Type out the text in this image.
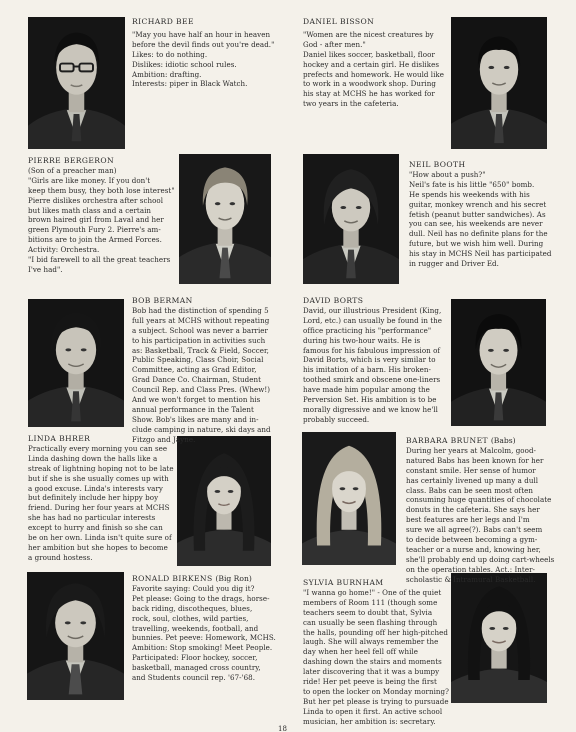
RICHARD BEE

"May you have half an hour in heaven

before the devil finds out you're dead."

Likes: to do nothing.

Dislikes: idiotic school rules.

Ambition: drafting.

Interests: piper in Black Watch.

DANIEL BISSON

"Women are the nicest creatures by

God - after men."

Daniel likes soccer, basketball, floor

hockey and a certain girl. He dislikes

prefects and homework. He would like

to work in a woodwork shop. During

his stay at MCHS he has worked for

two years in the cafeteria.

PIERRE BERGERON

(Son of a preacher man)

"Girls are like money. If you don't

keep them busy, they both lose interest"

Pierre dislikes orchestra after school

but likes math class and a certain

brown haired girl from Laval and her

green Plymouth Fury 2. Pierre's am-

bitions are to join the Armed Forces.

Activity: Orchestra.

"I bid farewell to all the great teachers

I've had".

NEIL BOOTH

"How about a push?"

Neil's fate is his little "650" bomb.

He spends his weekends with his

guitar, monkey wrench and his secret

fetish (peanut butter sandwiches). As

you can see, his weekends are never

dull. Neil has no definite plans for the

future, but we wish him well. During

his stay in MCHS Neil has participated

in rugger and Driver Ed.

BOB BERMAN

Bob had the distinction of spending 5

full years at MCHS without repeating

a subject. School was never a barrier

to his participation in activities such

as: Basketball, Track & Field, Soccer,

Public Speaking, Class Choir, Social

Committee, acting as Grad Editor,

Grad Dance Co. Chairman, Student

Council Rep. and Class Pres. (Whew!)

And we won't forget to mention his

annual performance in the Talent

Show. Bob's likes are many and in-

clude camping in nature, ski days and

Fitzgo and Jayne.

DAVID BORTS

David, our illustrious President (King,

Lord, etc.) can usually be found in the

office practicing his "performance"

during his two-hour waits. He is

famous for his fabulous impression of

David Borts, which is very similar to

his imitation of a barn. His broken-

toothed smirk and obscene one-liners

have made him popular among the

Perversion Set. His ambition is to be

morally digressive and we know he'll

probably succeed.

LINDA BHRER

Practically every morning you can see

Linda dashing down the halls like a

streak of lightning hoping not to be late

but if she is she usually comes up with

a good excuse. Linda's interests vary

but definitely include her hippy boy

friend. During her four years at MCHS

she has had no particular interests

except to hurry and finish so she can

be on her own. Linda isn't quite sure of

her ambition but she hopes to become

a ground hostess.

BARBARA BRUNET (Babs)

During her years at Malcolm, good-

natured Babs has been known for her

constant smile. Her sense of humor

has certainly livened up many a dull

class. Babs can be seen most often

consuming huge quantities of chocolate

donuts in the cafeteria. She says her

best features are her legs and I'm

sure we all agree(?). Babs can't seem

to decide between becoming a gym-

teacher or a nurse and, knowing her,

she'll probably end up doing cart-wheels

on the operation tables. Act.: Inter-

scholastic & Intramural Basketball.

RONALD BIRKENS (Big Ron)

Favorite saying: Could you dig it?

Pet please: Going to the drags, horse-

back riding, discotheques, blues,

rock, soul, clothes, wild parties,

travelling, weekends, football, and

bunnies. Pet peeve: Homework, MCHS.

Ambition: Stop smoking! Meet People.

Participated: Floor hockey, soccer,

basketball, managed cross country,

and Students council rep. '67-'68.

SYLVIA BURNHAM

"I wanna go home!" - One of the quiet

members of Room 111 (though some

teachers seem to doubt that, Sylvia

can usually be seen flashing through

the halls, pounding off her high-pitched

laugh. She will always remember the

day when her heel fell off while

dashing down the stairs and moments

later discovering that it was a bumpy

ride! Her pet peeve is being the first

to open the locker on Monday morning?

But her pet please is trying to pursuade

Linda to open it first. An active school

musician, her ambition is: secretary.

18
